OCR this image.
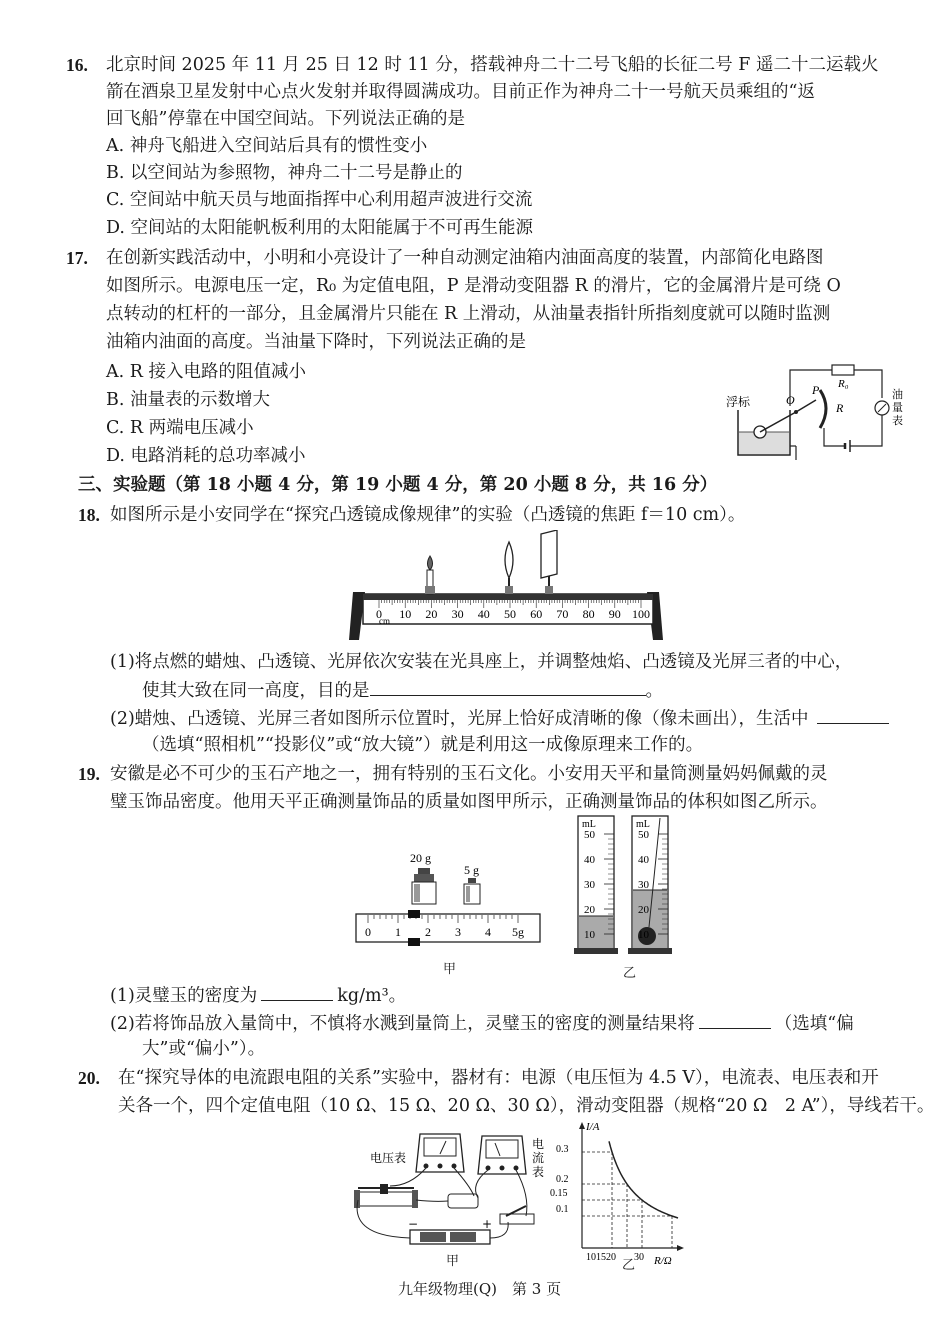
16. 北京时间 2025 年 11 月 25 日 12 时 11 分，搭载神舟二十二号飞船的长征二号 F 遥二十二运载火
箭在酒泉卫星发射中心点火发射并取得圆满成功。目前正作为神舟二十一号航天员乘组的“返
回飞船”停靠在中国空间站。下列说法正确的是
A. 神舟飞船进入空间站后具有的惯性变小
B. 以空间站为参照物，神舟二十二号是静止的
C. 空间站中航天员与地面指挥中心利用超声波进行交流
D. 空间站的太阳能帆板利用的太阳能属于不可再生能源
17. 在创新实践活动中，小明和小亮设计了一种自动测定油箱内油面高度的装置，内部简化电路图
如图所示。电源电压一定，R₀ 为定值电阻，P 是滑动变阻器 R 的滑片，它的金属滑片是可绕 O
点转动的杠杆的一部分，且金属滑片只能在 R 上滑动，从油量表指针所指刻度就可以随时监测
油箱内油面的高度。当油量下降时，下列说法正确的是
A. R 接入电路的阻值减小
B. 油量表的示数增大
C. R 两端电压减小
D. 电路消耗的总功率减小
浮标	O
P
R
R₀
油
量
表
三、实验题（第 18 小题 4 分，第 19 小题 4 分，第 20 小题 8 分，共 16 分）
18. 如图所示是小安同学在“探究凸透镜成像规律”的实验（凸透镜的焦距 f＝10 cm）。
0 10 20 30 40 50 60 70 80 90 100
cm
(1)将点燃的蜡烛、凸透镜、光屏依次安装在光具座上，并调整烛焰、凸透镜及光屏三者的中心，
使其大致在同一高度，目的是	。
(2)蜡烛、凸透镜、光屏三者如图所示位置时，光屏上恰好成清晰的像（像未画出），生活中
（选填“照相机”“投影仪”或“放大镜”）就是利用这一成像原理来工作的。
19. 安徽是必不可少的玉石产地之一，拥有特别的玉石文化。小安用天平和量筒测量妈妈佩戴的灵
璧玉饰品密度。他用天平正确测量饰品的质量如图甲所示，正确测量饰品的体积如图乙所示。
20 g
5 g
0 1 2 3 4 5g
甲
mL
50
40
30
20
10
mL
50
40
30
20
10
乙
(1)灵璧玉的密度为	kg/m³。
(2)若将饰品放入量筒中，不慎将水溅到量筒上，灵璧玉的密度的测量结果将	（选填“偏
大”或“偏小”）。
20. 在“探究导体的电流跟电阻的关系”实验中，器材有：电源（电压恒为 4.5 V），电流表、电压表和开
关各一个，四个定值电阻（10 Ω、15 Ω、20 Ω、30 Ω），滑动变阻器（规格“20 Ω　2 A”），导线若干。
电压表
电
流
表
−	+
甲
I/A
R/Ω
0.3
0.2
0.15
0.1
101520 30
乙
九年级物理(Q)　第 3 页
